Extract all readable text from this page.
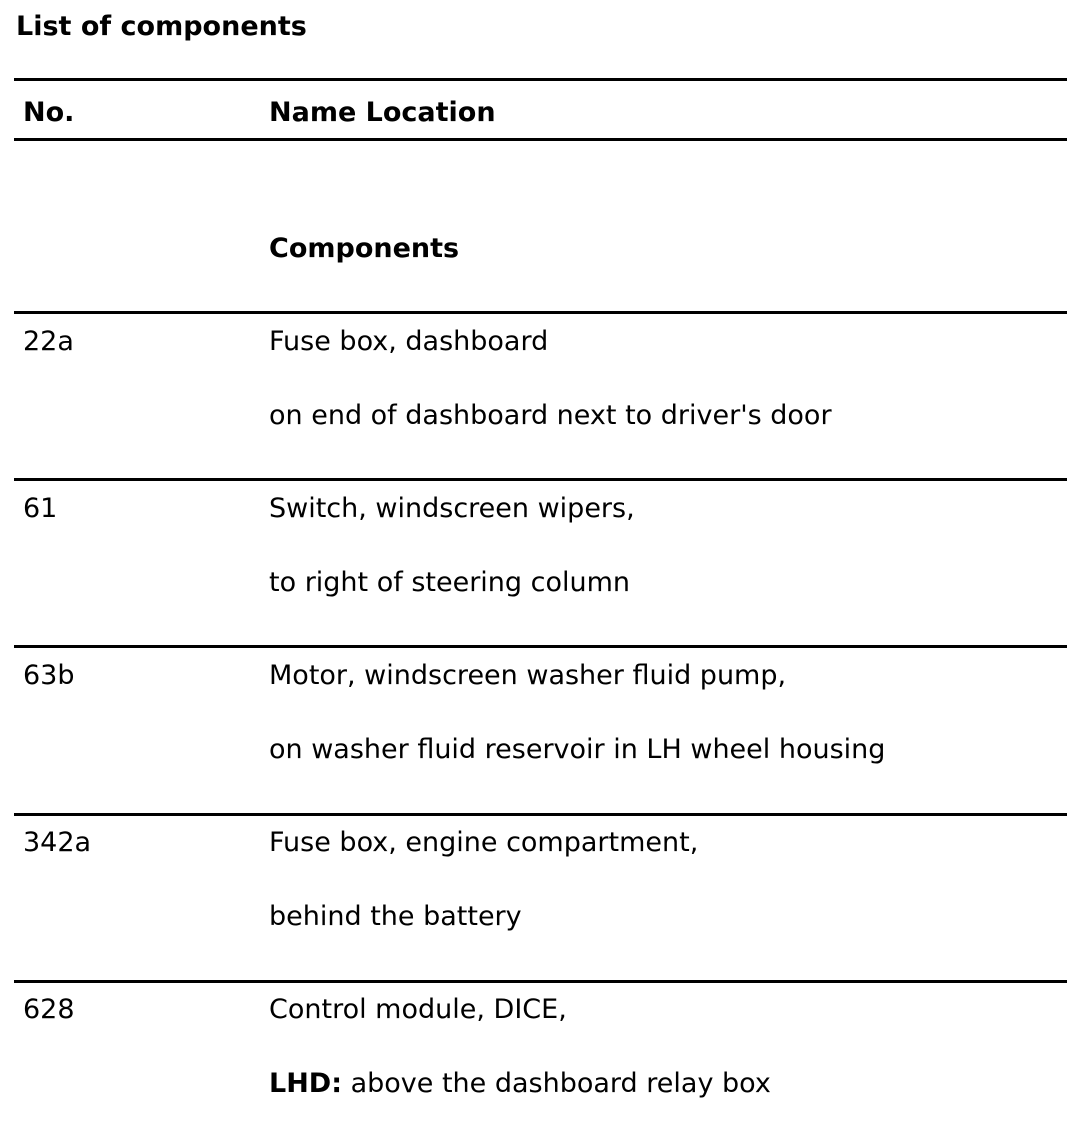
List of components
No.	Name Location
Components
22a	Fuse box, dashboard
on end of dashboard next to driver's door
61	Switch, windscreen wipers,
to right of steering column
63b	Motor, windscreen washer fluid pump,
on washer fluid reservoir in LH wheel housing
342a	Fuse box, engine compartment,
behind the battery
628	Control module, DICE,
LHD: above the dashboard relay box
